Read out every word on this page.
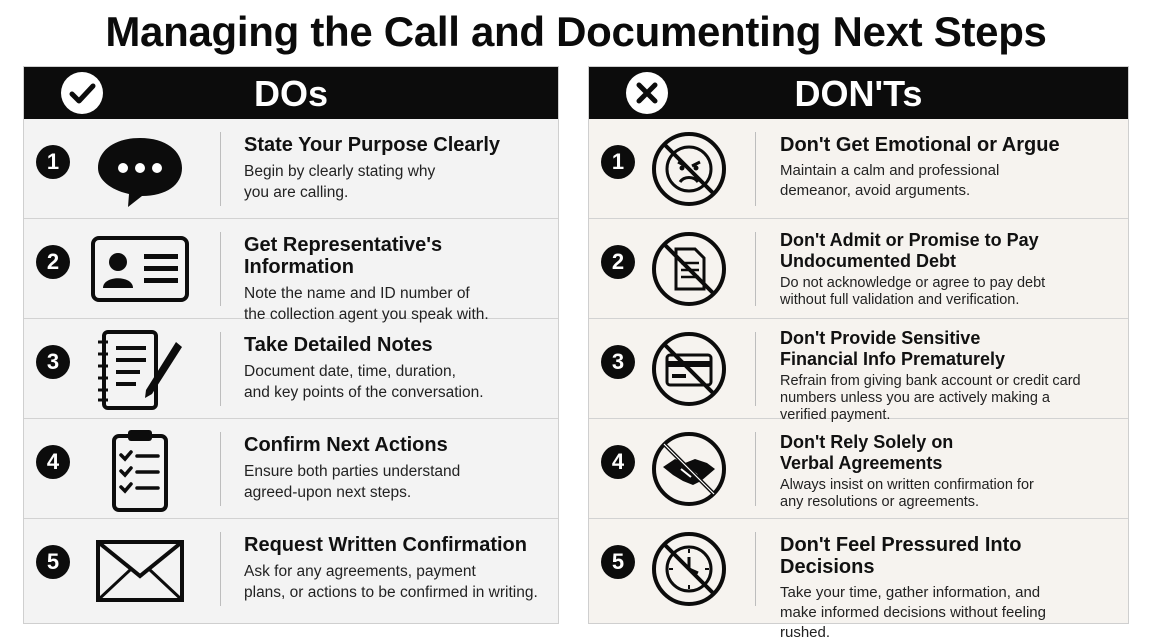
Managing the Call and Documenting Next Steps
DOs
1
State Your Purpose Clearly
Begin by clearly stating why
you are calling.
2
Get Representative's Information
Note the name and ID number of
the collection agent you speak with.
3
Take Detailed Notes
Document date, time, duration,
and key points of the conversation.
4
Confirm Next Actions
Ensure both parties understand
agreed-upon next steps.
5
Request Written Confirmation
Ask for any agreements, payment
plans, or actions to be confirmed in writing.
DON'Ts
1
Don't Get Emotional or Argue
Maintain a calm and professional
demeanor, avoid arguments.
2
Don't Admit or Promise to Pay
Undocumented Debt
Do not acknowledge or agree to pay debt
without full validation and verification.
3
Don't Provide Sensitive
Financial Info Prematurely
Refrain from giving bank account or credit card
numbers unless you are actively making a
verified payment.
4
Don't Rely Solely on
Verbal Agreements
Always insist on written confirmation for
any resolutions or agreements.
5
Don't Feel Pressured Into Decisions
Take your time, gather information, and
make informed decisions without feeling
rushed.
